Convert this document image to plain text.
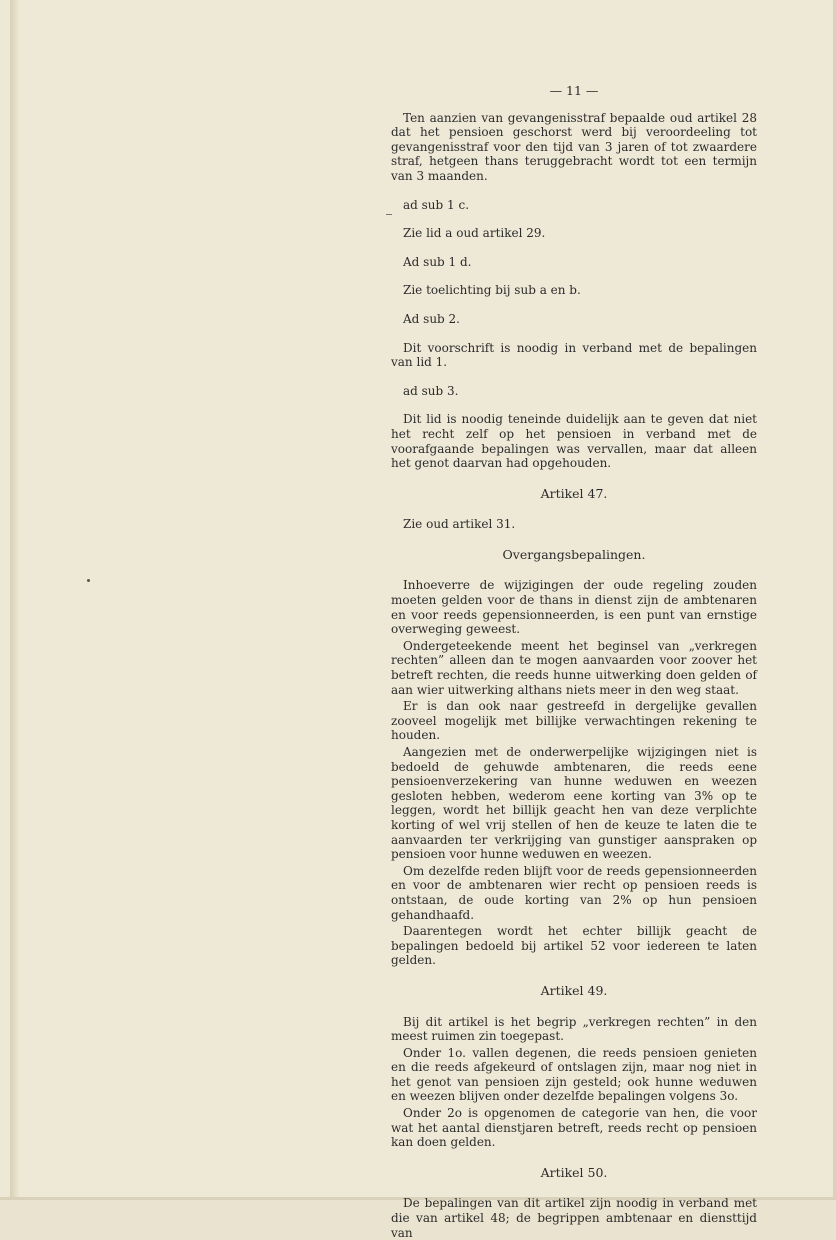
— 11 —

Ten aanzien van gevangenisstraf bepaalde oud artikel 28 dat het pensioen geschorst werd bij veroordeeling tot gevangenisstraf voor den tijd van 3 jaren of tot zwaardere straf, hetgeen thans teruggebracht wordt tot een termijn van 3 maanden.

ad sub 1 c.

Zie lid a oud artikel 29.

Ad sub 1 d.

Zie toelichting bij sub a en b.

Ad sub 2.

Dit voorschrift is noodig in verband met de bepalingen van lid 1.

ad sub 3.

Dit lid is noodig teneinde duidelijk aan te geven dat niet het recht zelf op het pensioen in verband met de voorafgaande bepalingen was vervallen, maar dat alleen het genot daarvan had opgehouden.

Artikel 47.

Zie oud artikel 31.

Overgangsbepalingen.

Inhoeverre de wijzigingen der oude regeling zouden moeten gelden voor de thans in dienst zijn de ambtenaren en voor reeds gepensionneerden, is een punt van ernstige overweging geweest.

Ondergeteekende meent het beginsel van „verkregen rechten” alleen dan te mogen aanvaarden voor zoover het betreft rechten, die reeds hunne uitwerking doen gelden of aan wier uitwerking althans niets meer in den weg staat.

Er is dan ook naar gestreefd in dergelijke gevallen zooveel mogelijk met billijke verwachtingen rekening te houden.

Aangezien met de onderwerpelijke wijzigingen niet is bedoeld de gehuwde ambtenaren, die reeds eene pensioenverzekering van hunne weduwen en weezen gesloten hebben, wederom eene korting van 3% op te leggen, wordt het billijk geacht hen van deze verplichte korting of wel vrij stellen of hen de keuze te laten die te aanvaarden ter verkrijging van gunstiger aanspraken op pensioen voor hunne weduwen en weezen.

Om dezelfde reden blijft voor de reeds gepensionneerden en voor de ambtenaren wier recht op pensioen reeds is ontstaan, de oude korting van 2% op hun pensioen gehandhaafd.

Daarentegen wordt het echter billijk geacht de bepalingen bedoeld bij artikel 52 voor iedereen te laten gelden.

Artikel 49.

Bij dit artikel is het begrip „verkregen rechten” in den meest ruimen zin toegepast.

Onder 1o. vallen degenen, die reeds pensioen genieten en die reeds afgekeurd of ontslagen zijn, maar nog niet in het genot van pensioen zijn gesteld; ook hunne weduwen en weezen blijven onder dezelfde bepalingen volgens 3o.

Onder 2o is opgenomen de categorie van hen, die voor wat het aantal dienstjaren betreft, reeds recht op pensioen kan doen gelden.

Artikel 50.

De bepalingen van dit artikel zijn noodig in verband met die van artikel 48; de begrippen ambtenaar en diensttijd van
